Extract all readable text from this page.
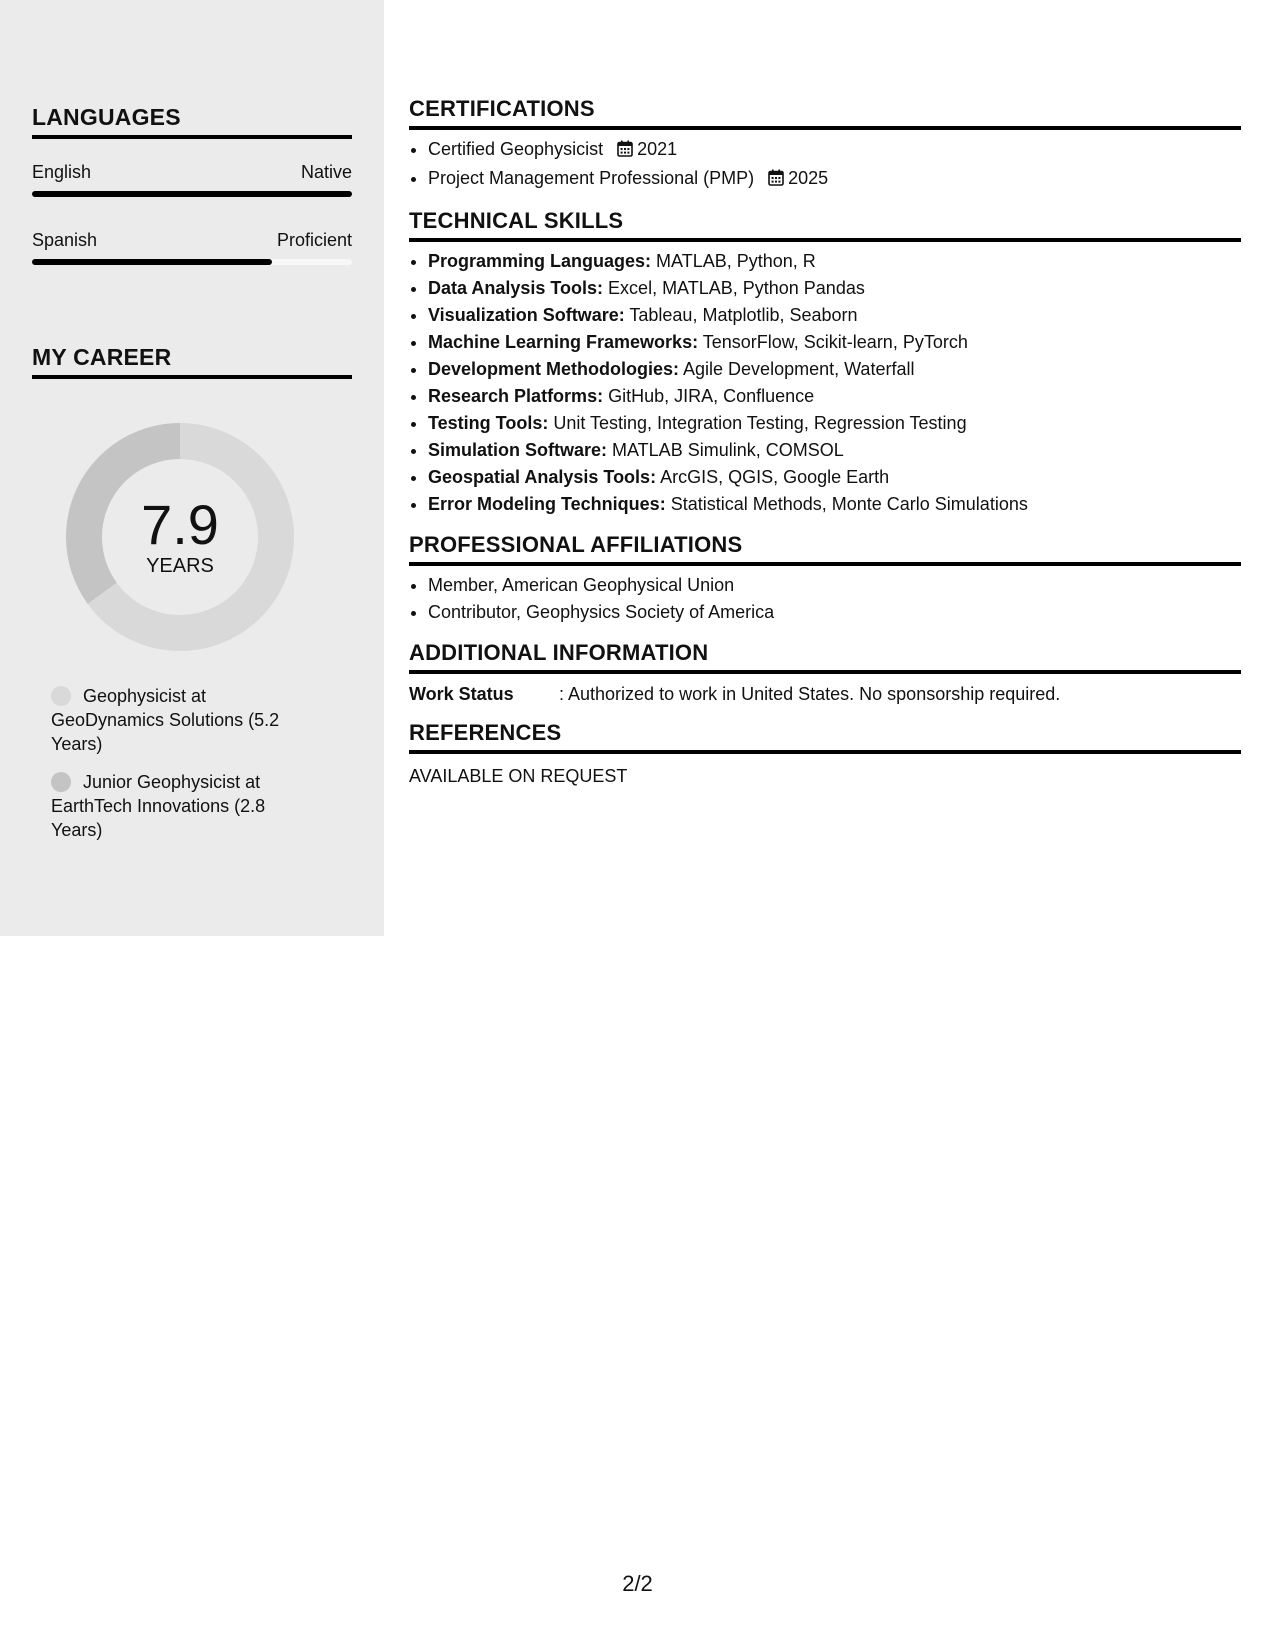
LANGUAGES
English	Native
Spanish	Proficient
MY CAREER
7.9
YEARS
Geophysicist at GeoDynamics Solutions (5.2 Years)
Junior Geophysicist at EarthTech Innovations (2.8 Years)
CERTIFICATIONS
• Certified Geophysicist 2021
• Project Management Professional (PMP) 2025
TECHNICAL SKILLS
• Programming Languages: MATLAB, Python, R
• Data Analysis Tools: Excel, MATLAB, Python Pandas
• Visualization Software: Tableau, Matplotlib, Seaborn
• Machine Learning Frameworks: TensorFlow, Scikit-learn, PyTorch
• Development Methodologies: Agile Development, Waterfall
• Research Platforms: GitHub, JIRA, Confluence
• Testing Tools: Unit Testing, Integration Testing, Regression Testing
• Simulation Software: MATLAB Simulink, COMSOL
• Geospatial Analysis Tools: ArcGIS, QGIS, Google Earth
• Error Modeling Techniques: Statistical Methods, Monte Carlo Simulations
PROFESSIONAL AFFILIATIONS
• Member, American Geophysical Union
• Contributor, Geophysics Society of America
ADDITIONAL INFORMATION
Work Status	: Authorized to work in United States. No sponsorship required.
REFERENCES
AVAILABLE ON REQUEST
2/2
